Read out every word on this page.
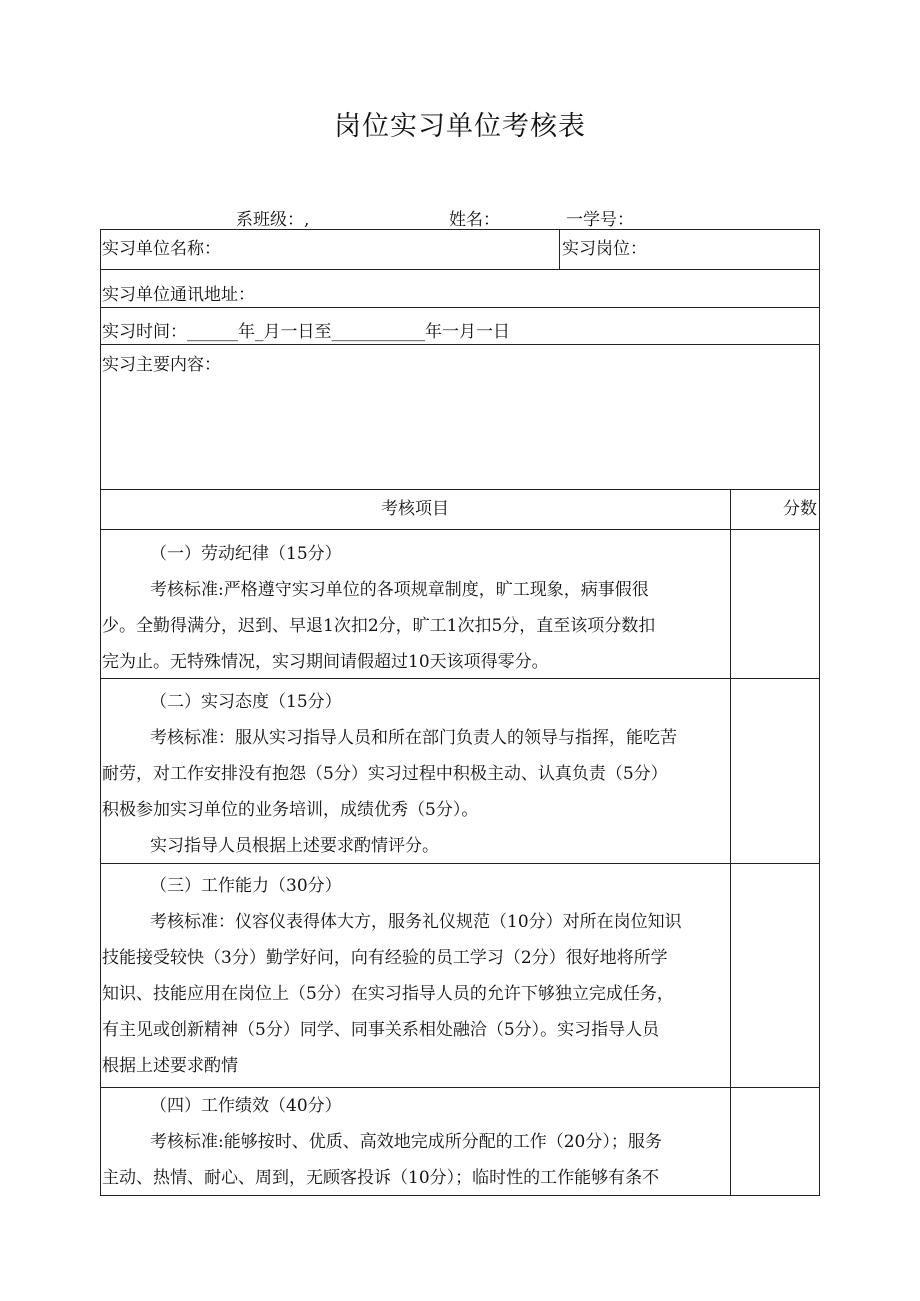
岗位实习单位考核表
系班级：,	姓名：	一学号：
实习单位名称：	实习岗位：
实习单位通讯地址：
实习时间：______年_月一日至___________年一月一日
实习主要内容：
考核项目	分数

（一）劳动纪律（15分）

考核标准:严格遵守实习单位的各项规章制度，旷工现象，病事假很

少。全勤得满分，迟到、早退1次扣2分，旷工1次扣5分，直至该项分数扣

完为止。无特殊情况，实习期间请假超过10天该项得零分。

（二）实习态度（15分）

考核标准：服从实习指导人员和所在部门负责人的领导与指挥，能吃苦

耐劳，对工作安排没有抱怨（5分）实习过程中积极主动、认真负责（5分）

积极参加实习单位的业务培训，成绩优秀（5分）。

实习指导人员根据上述要求酌情评分。

（三）工作能力（30分）

考核标准：仪容仪表得体大方，服务礼仪规范（10分）对所在岗位知识

技能接受较快（3分）勤学好问，向有经验的员工学习（2分）很好地将所学

知识、技能应用在岗位上（5分）在实习指导人员的允许下够独立完成任务，

有主见或创新精神（5分）同学、同事关系相处融洽（5分）。实习指导人员

根据上述要求酌情

（四）工作绩效（40分）

考核标准:能够按时、优质、高效地完成所分配的工作（20分）；服务

主动、热情、耐心、周到，无顾客投诉（10分）；临时性的工作能够有条不
